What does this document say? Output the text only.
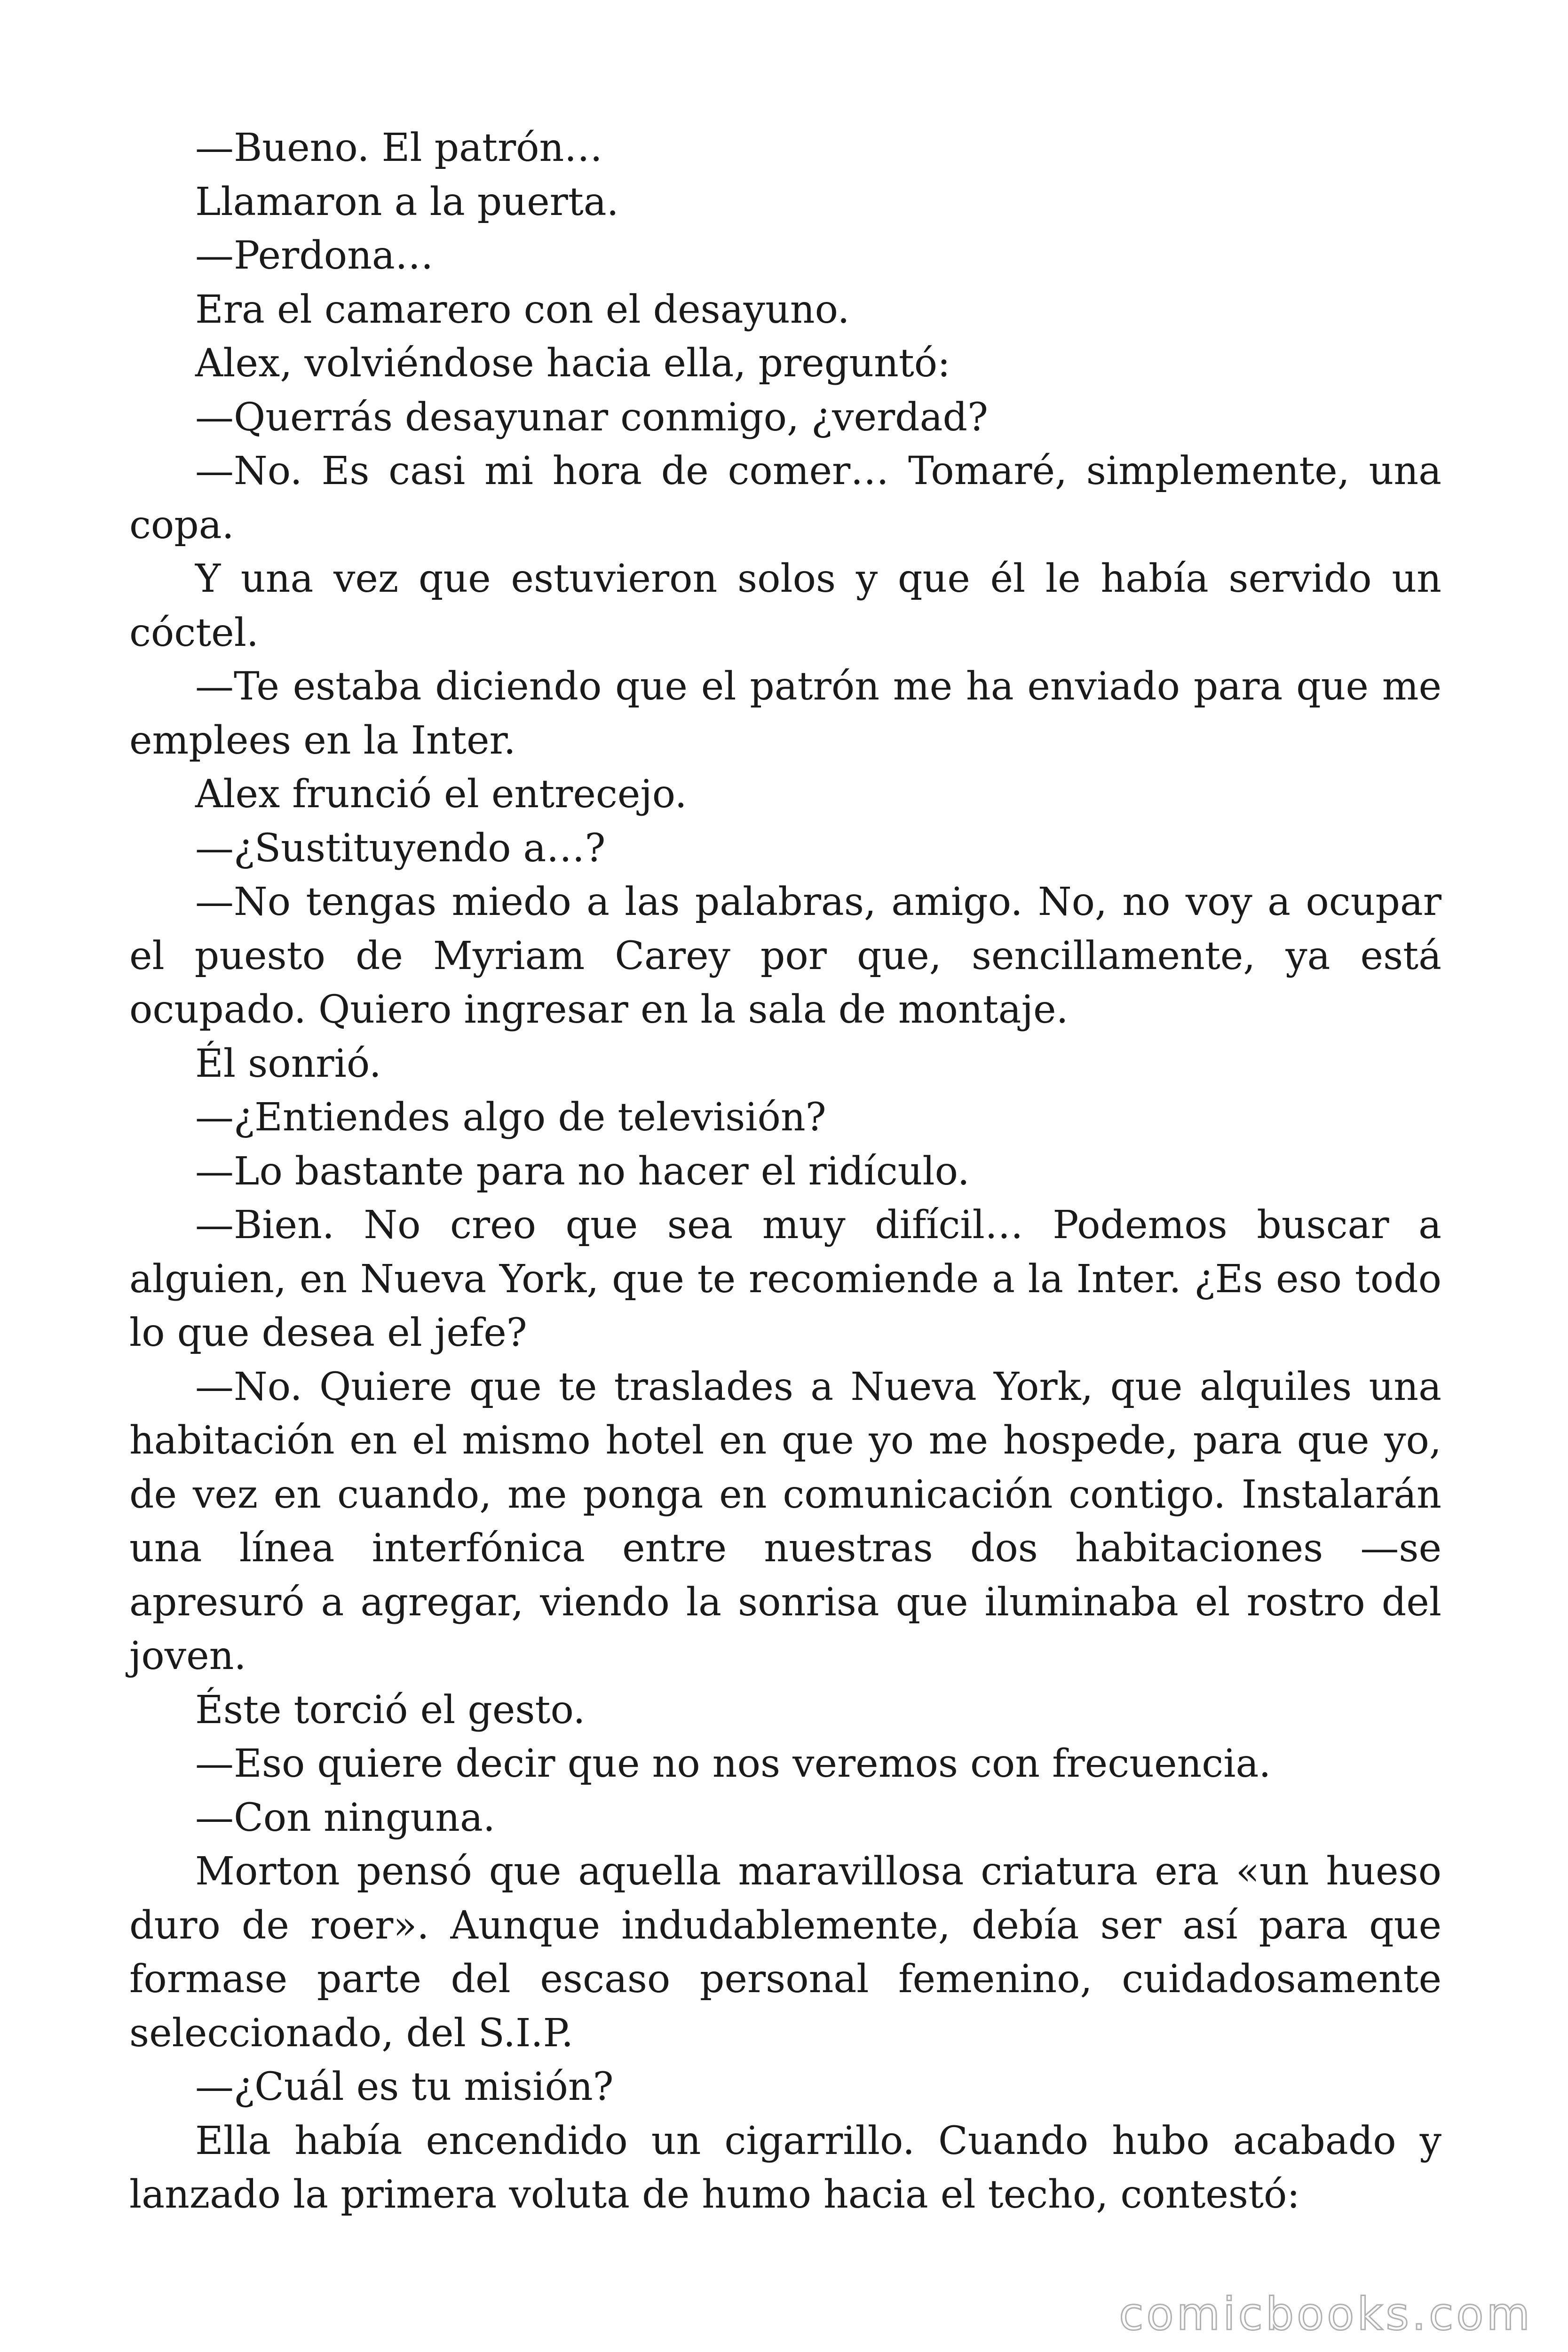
—Bueno. El patrón…

Llamaron a la puerta.

—Perdona…

Era el camarero con el desayuno.

Alex, volviéndose hacia ella, preguntó:

—Querrás desayunar conmigo, ¿verdad?

—No. Es casi mi hora de comer… Tomaré, simplemente, una copa.

Y una vez que estuvieron solos y que él le había servido un cóctel.

—Te estaba diciendo que el patrón me ha enviado para que me emplees en la Inter.

Alex frunció el entrecejo.

—¿Sustituyendo a…?

—No tengas miedo a las palabras, amigo. No, no voy a ocupar el puesto de Myriam Carey por que, sencillamente, ya está ocupado. Quiero ingresar en la sala de montaje.

Él sonrió.

—¿Entiendes algo de televisión?

—Lo bastante para no hacer el ridículo.

—Bien. No creo que sea muy difícil… Podemos buscar a alguien, en Nueva York, que te recomiende a la Inter. ¿Es eso todo lo que desea el jefe?

—No. Quiere que te traslades a Nueva York, que alquiles una habitación en el mismo hotel en que yo me hospede, para que yo, de vez en cuando, me ponga en comunicación contigo. Instalarán una línea interfónica entre nuestras dos habitaciones —se apresuró a agregar, viendo la sonrisa que iluminaba el rostro del joven.

Éste torció el gesto.

—Eso quiere decir que no nos veremos con frecuencia.

—Con ninguna.

Morton pensó que aquella maravillosa criatura era «un hueso duro de roer». Aunque indudablemente, debía ser así para que formase parte del escaso personal femenino, cuidadosamente seleccionado, del S.I.P.

—¿Cuál es tu misión?

Ella había encendido un cigarrillo. Cuando hubo acabado y lanzado la primera voluta de humo hacia el techo, contestó:

comicbooks.com
